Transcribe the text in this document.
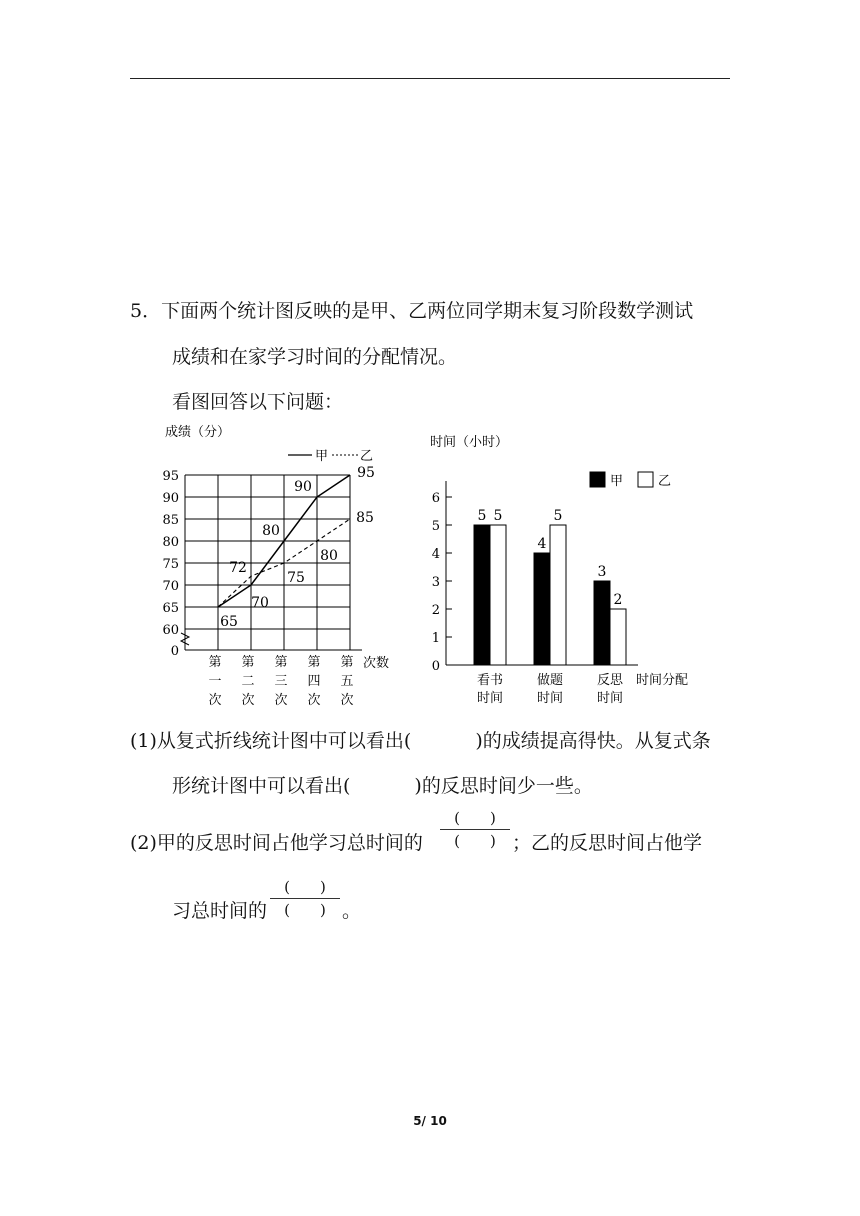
5．下面两个统计图反映的是甲、乙两位同学期末复习阶段数学测试
成绩和在家学习时间的分配情况。
看图回答以下问题：
成绩（分）
甲 乙
0
60
65
70
75
80
85
90
95
第
一
次
第
二
次
第
三
次
第
四
次
第
五
次
次数
65
70
80
90
95
72
75
80
85
时间（小时）
甲	乙
0
1
2
3
4
5
6
5 5
看书
时间
4
5
做题
时间
3
2
反思
时间
时间分配
(1)从复式折线统计图中可以看出(	)的成绩提高得快。从复式条
形统计图中可以看出(	)的反思时间少一些。
(2)甲的反思时间占他学习总时间的
(　　)
(　　) ；乙的反思时间占他学
习总时间的
(　　)
(　　) 。
5/ 10
